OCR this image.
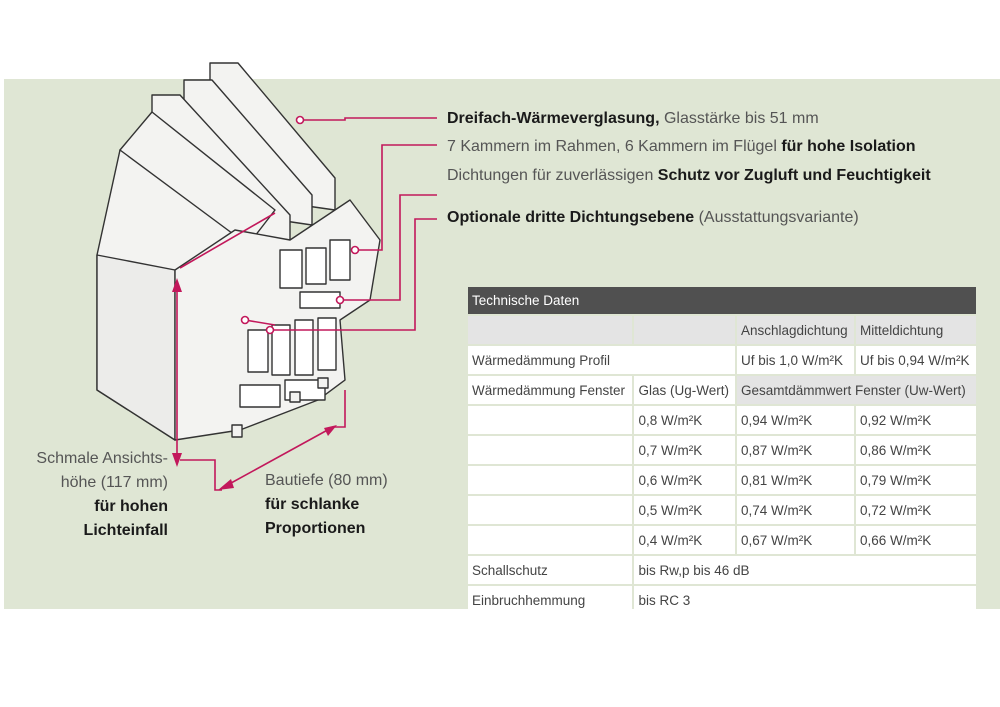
Dreifach-Wärmeverglasung, Glasstärke bis 51 mm
7 Kammern im Rahmen, 6 Kammern im Flügel für hohe Isolation
Dichtungen für zuverlässigen Schutz vor Zugluft und Feuchtigkeit
Optionale dritte Dichtungsebene (Ausstattungsvariante)
Schmale Ansichts-
höhe (117 mm)
für hohen
Lichteinfall
Bautiefe (80 mm)
für schlanke
Proportionen
Technische Daten			
		Anschlagdichtung	Mitteldichtung
Wärmedämmung Profil		Uf bis 1,0 W/m²K	Uf bis 0,94 W/m²K
Wärmedämmung Fenster	Glas (Ug-Wert)	Gesamtdämmwert Fenster (Uw-Wert)	
	0,8 W/m²K	0,94 W/m²K	0,92 W/m²K
	0,7 W/m²K	0,87 W/m²K	0,86 W/m²K
	0,6 W/m²K	0,81 W/m²K	0,79 W/m²K
	0,5 W/m²K	0,74 W/m²K	0,72 W/m²K
	0,4 W/m²K	0,67 W/m²K	0,66 W/m²K
Schallschutz	bis Rw,p bis 46 dB		
Einbruchhemmung	bis RC 3		
